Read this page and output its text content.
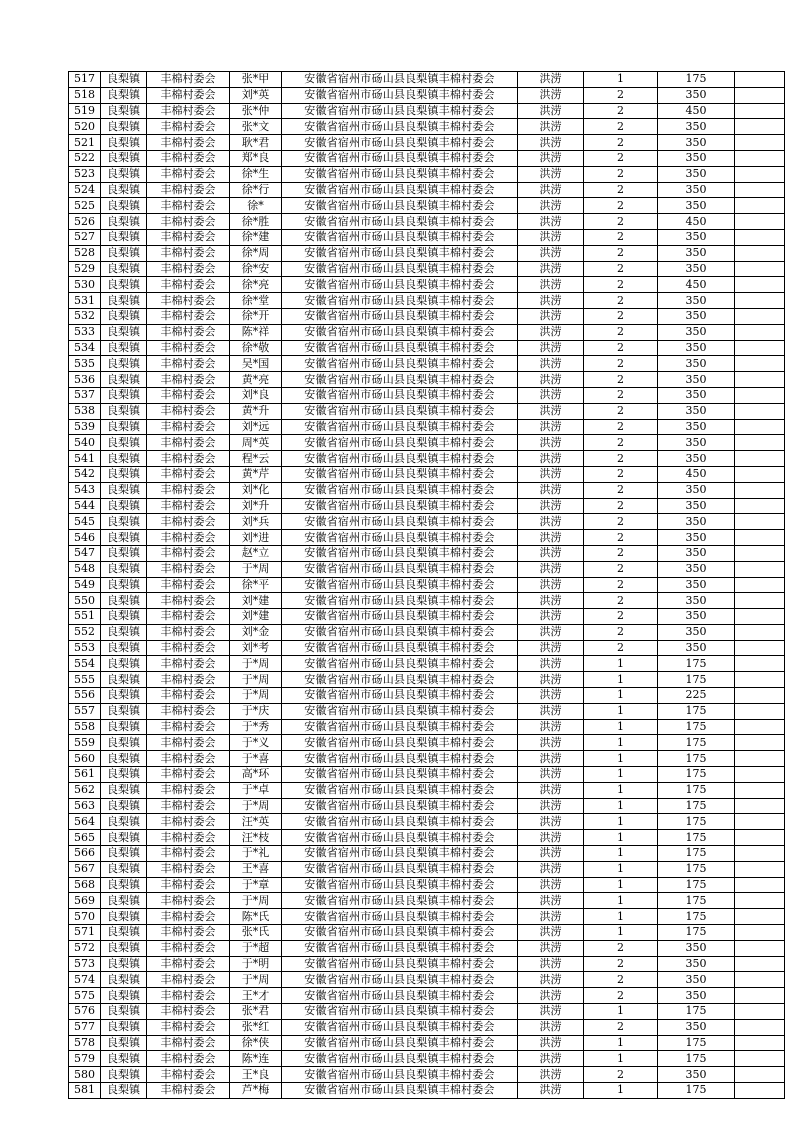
517	良梨镇	丰棉村委会	张*甲	安徽省宿州市砀山县良梨镇丰棉村委会	洪涝	1	175	
518	良梨镇	丰棉村委会	刘*英	安徽省宿州市砀山县良梨镇丰棉村委会	洪涝	2	350	
519	良梨镇	丰棉村委会	张*仲	安徽省宿州市砀山县良梨镇丰棉村委会	洪涝	2	450	
520	良梨镇	丰棉村委会	张*文	安徽省宿州市砀山县良梨镇丰棉村委会	洪涝	2	350	
521	良梨镇	丰棉村委会	耿*君	安徽省宿州市砀山县良梨镇丰棉村委会	洪涝	2	350	
522	良梨镇	丰棉村委会	郑*良	安徽省宿州市砀山县良梨镇丰棉村委会	洪涝	2	350	
523	良梨镇	丰棉村委会	徐*生	安徽省宿州市砀山县良梨镇丰棉村委会	洪涝	2	350	
524	良梨镇	丰棉村委会	徐*行	安徽省宿州市砀山县良梨镇丰棉村委会	洪涝	2	350	
525	良梨镇	丰棉村委会	徐*	安徽省宿州市砀山县良梨镇丰棉村委会	洪涝	2	350	
526	良梨镇	丰棉村委会	徐*胜	安徽省宿州市砀山县良梨镇丰棉村委会	洪涝	2	450	
527	良梨镇	丰棉村委会	徐*建	安徽省宿州市砀山县良梨镇丰棉村委会	洪涝	2	350	
528	良梨镇	丰棉村委会	徐*周	安徽省宿州市砀山县良梨镇丰棉村委会	洪涝	2	350	
529	良梨镇	丰棉村委会	徐*安	安徽省宿州市砀山县良梨镇丰棉村委会	洪涝	2	350	
530	良梨镇	丰棉村委会	徐*亮	安徽省宿州市砀山县良梨镇丰棉村委会	洪涝	2	450	
531	良梨镇	丰棉村委会	徐*堂	安徽省宿州市砀山县良梨镇丰棉村委会	洪涝	2	350	
532	良梨镇	丰棉村委会	徐*开	安徽省宿州市砀山县良梨镇丰棉村委会	洪涝	2	350	
533	良梨镇	丰棉村委会	陈*祥	安徽省宿州市砀山县良梨镇丰棉村委会	洪涝	2	350	
534	良梨镇	丰棉村委会	徐*敬	安徽省宿州市砀山县良梨镇丰棉村委会	洪涝	2	350	
535	良梨镇	丰棉村委会	吴*国	安徽省宿州市砀山县良梨镇丰棉村委会	洪涝	2	350	
536	良梨镇	丰棉村委会	黄*亮	安徽省宿州市砀山县良梨镇丰棉村委会	洪涝	2	350	
537	良梨镇	丰棉村委会	刘*良	安徽省宿州市砀山县良梨镇丰棉村委会	洪涝	2	350	
538	良梨镇	丰棉村委会	黄*升	安徽省宿州市砀山县良梨镇丰棉村委会	洪涝	2	350	
539	良梨镇	丰棉村委会	刘*远	安徽省宿州市砀山县良梨镇丰棉村委会	洪涝	2	350	
540	良梨镇	丰棉村委会	周*英	安徽省宿州市砀山县良梨镇丰棉村委会	洪涝	2	350	
541	良梨镇	丰棉村委会	程*云	安徽省宿州市砀山县良梨镇丰棉村委会	洪涝	2	350	
542	良梨镇	丰棉村委会	黄*芹	安徽省宿州市砀山县良梨镇丰棉村委会	洪涝	2	450	
543	良梨镇	丰棉村委会	刘*化	安徽省宿州市砀山县良梨镇丰棉村委会	洪涝	2	350	
544	良梨镇	丰棉村委会	刘*升	安徽省宿州市砀山县良梨镇丰棉村委会	洪涝	2	350	
545	良梨镇	丰棉村委会	刘*兵	安徽省宿州市砀山县良梨镇丰棉村委会	洪涝	2	350	
546	良梨镇	丰棉村委会	刘*进	安徽省宿州市砀山县良梨镇丰棉村委会	洪涝	2	350	
547	良梨镇	丰棉村委会	赵*立	安徽省宿州市砀山县良梨镇丰棉村委会	洪涝	2	350	
548	良梨镇	丰棉村委会	于*周	安徽省宿州市砀山县良梨镇丰棉村委会	洪涝	2	350	
549	良梨镇	丰棉村委会	徐*平	安徽省宿州市砀山县良梨镇丰棉村委会	洪涝	2	350	
550	良梨镇	丰棉村委会	刘*建	安徽省宿州市砀山县良梨镇丰棉村委会	洪涝	2	350	
551	良梨镇	丰棉村委会	刘*建	安徽省宿州市砀山县良梨镇丰棉村委会	洪涝	2	350	
552	良梨镇	丰棉村委会	刘*金	安徽省宿州市砀山县良梨镇丰棉村委会	洪涝	2	350	
553	良梨镇	丰棉村委会	刘*考	安徽省宿州市砀山县良梨镇丰棉村委会	洪涝	2	350	
554	良梨镇	丰棉村委会	于*周	安徽省宿州市砀山县良梨镇丰棉村委会	洪涝	1	175	
555	良梨镇	丰棉村委会	于*周	安徽省宿州市砀山县良梨镇丰棉村委会	洪涝	1	175	
556	良梨镇	丰棉村委会	于*周	安徽省宿州市砀山县良梨镇丰棉村委会	洪涝	1	225	
557	良梨镇	丰棉村委会	于*庆	安徽省宿州市砀山县良梨镇丰棉村委会	洪涝	1	175	
558	良梨镇	丰棉村委会	于*秀	安徽省宿州市砀山县良梨镇丰棉村委会	洪涝	1	175	
559	良梨镇	丰棉村委会	于*义	安徽省宿州市砀山县良梨镇丰棉村委会	洪涝	1	175	
560	良梨镇	丰棉村委会	于*喜	安徽省宿州市砀山县良梨镇丰棉村委会	洪涝	1	175	
561	良梨镇	丰棉村委会	高*环	安徽省宿州市砀山县良梨镇丰棉村委会	洪涝	1	175	
562	良梨镇	丰棉村委会	于*卓	安徽省宿州市砀山县良梨镇丰棉村委会	洪涝	1	175	
563	良梨镇	丰棉村委会	于*周	安徽省宿州市砀山县良梨镇丰棉村委会	洪涝	1	175	
564	良梨镇	丰棉村委会	汪*英	安徽省宿州市砀山县良梨镇丰棉村委会	洪涝	1	175	
565	良梨镇	丰棉村委会	汪*枝	安徽省宿州市砀山县良梨镇丰棉村委会	洪涝	1	175	
566	良梨镇	丰棉村委会	于*礼	安徽省宿州市砀山县良梨镇丰棉村委会	洪涝	1	175	
567	良梨镇	丰棉村委会	王*喜	安徽省宿州市砀山县良梨镇丰棉村委会	洪涝	1	175	
568	良梨镇	丰棉村委会	于*章	安徽省宿州市砀山县良梨镇丰棉村委会	洪涝	1	175	
569	良梨镇	丰棉村委会	于*周	安徽省宿州市砀山县良梨镇丰棉村委会	洪涝	1	175	
570	良梨镇	丰棉村委会	陈*氏	安徽省宿州市砀山县良梨镇丰棉村委会	洪涝	1	175	
571	良梨镇	丰棉村委会	张*氏	安徽省宿州市砀山县良梨镇丰棉村委会	洪涝	1	175	
572	良梨镇	丰棉村委会	于*超	安徽省宿州市砀山县良梨镇丰棉村委会	洪涝	2	350	
573	良梨镇	丰棉村委会	于*明	安徽省宿州市砀山县良梨镇丰棉村委会	洪涝	2	350	
574	良梨镇	丰棉村委会	于*周	安徽省宿州市砀山县良梨镇丰棉村委会	洪涝	2	350	
575	良梨镇	丰棉村委会	王*才	安徽省宿州市砀山县良梨镇丰棉村委会	洪涝	2	350	
576	良梨镇	丰棉村委会	张*君	安徽省宿州市砀山县良梨镇丰棉村委会	洪涝	1	175	
577	良梨镇	丰棉村委会	张*红	安徽省宿州市砀山县良梨镇丰棉村委会	洪涝	2	350	
578	良梨镇	丰棉村委会	徐*侠	安徽省宿州市砀山县良梨镇丰棉村委会	洪涝	1	175	
579	良梨镇	丰棉村委会	陈*连	安徽省宿州市砀山县良梨镇丰棉村委会	洪涝	1	175	
580	良梨镇	丰棉村委会	王*良	安徽省宿州市砀山县良梨镇丰棉村委会	洪涝	2	350	
581	良梨镇	丰棉村委会	芦*梅	安徽省宿州市砀山县良梨镇丰棉村委会	洪涝	1	175	
